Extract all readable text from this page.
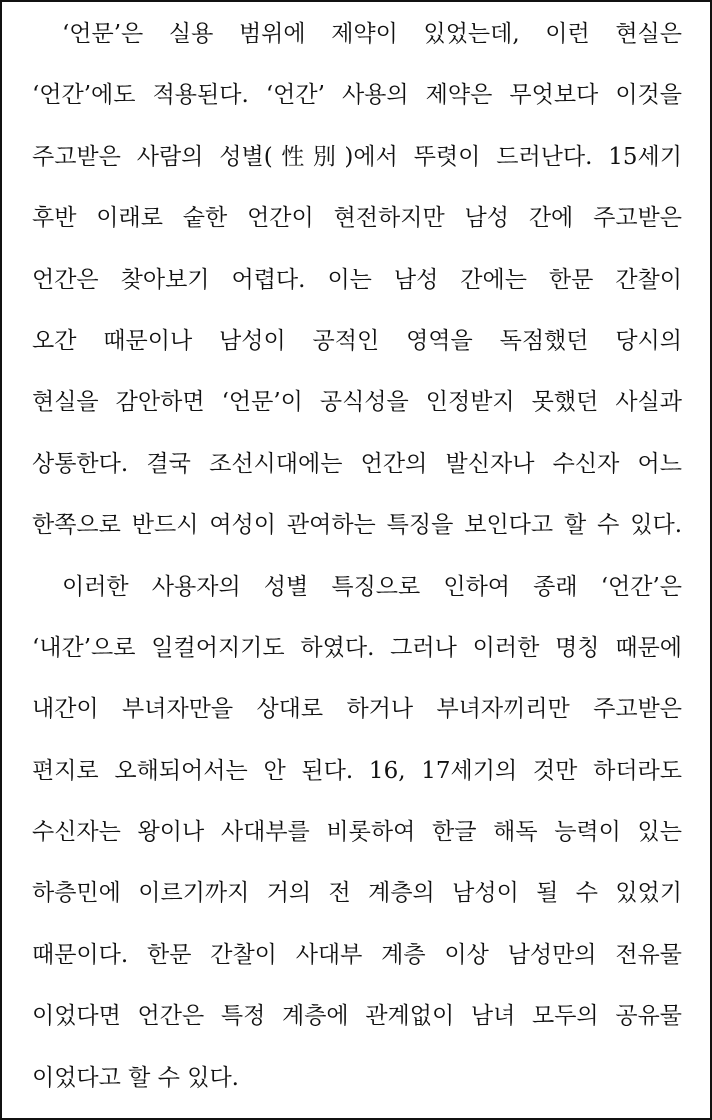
‘언문’은 실용 범위에 제약이 있었는데, 이런 현실은
‘언간’에도 적용된다. ‘언간’ 사용의 제약은 무엇보다 이것을
주고받은 사람의 성별(性別)에서 뚜렷이 드러난다. 15세기
후반 이래로 숱한 언간이 현전하지만 남성 간에 주고받은
언간은 찾아보기 어렵다. 이는 남성 간에는 한문 간찰이
오간 때문이나 남성이 공적인 영역을 독점했던 당시의
현실을 감안하면 ‘언문’이 공식성을 인정받지 못했던 사실과
상통한다. 결국 조선시대에는 언간의 발신자나 수신자 어느
한쪽으로 반드시 여성이 관여하는 특징을 보인다고 할 수 있다.
이러한 사용자의 성별 특징으로 인하여 종래 ‘언간’은
‘내간’으로 일컬어지기도 하였다. 그러나 이러한 명칭 때문에
내간이 부녀자만을 상대로 하거나 부녀자끼리만 주고받은
편지로 오해되어서는 안 된다. 16, 17세기의 것만 하더라도
수신자는 왕이나 사대부를 비롯하여 한글 해독 능력이 있는
하층민에 이르기까지 거의 전 계층의 남성이 될 수 있었기
때문이다. 한문 간찰이 사대부 계층 이상 남성만의 전유물
이었다면 언간은 특정 계층에 관계없이 남녀 모두의 공유물
이었다고 할 수 있다.
